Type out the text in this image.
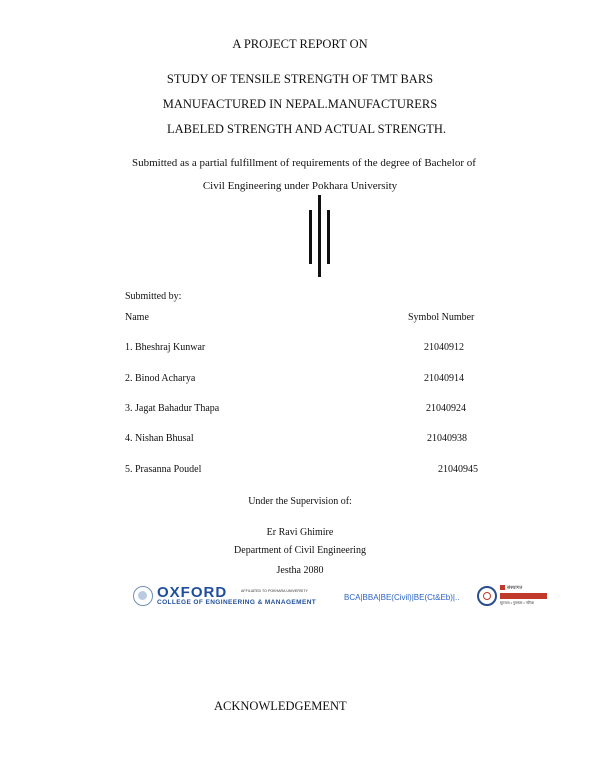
A PROJECT REPORT ON
STUDY OF TENSILE STRENGTH OF TMT BARS
MANUFACTURED IN NEPAL.MANUFACTURERS
LABELED STRENGTH AND ACTUAL STRENGTH.
Submitted as a partial fulfillment of requirements of the degree of Bachelor of
Civil Engineering under Pokhara University
Submitted by:
Name	Symbol Number
1. Bheshraj Kunwar	21040912
2. Binod Acharya	21040914
3. Jagat Bahadur Thapa	21040924
4. Nishan Bhusal	21040938
5. Prasanna Poudel	21040945
Under the Supervision of:
Er Ravi Ghimire
Department of Civil Engineering
Jestha 2080
OXFORD
COLLEGE OF ENGINEERING & MANAGEMENT
AFFILIATED TO POKHARA UNIVERSITY
BCA|BBA|BE(Civil)|BE(Ct&Eb)|..
संस्थागत
सुगमता • गुणस्तर • नतिजा
ACKNOWLEDGEMENT
